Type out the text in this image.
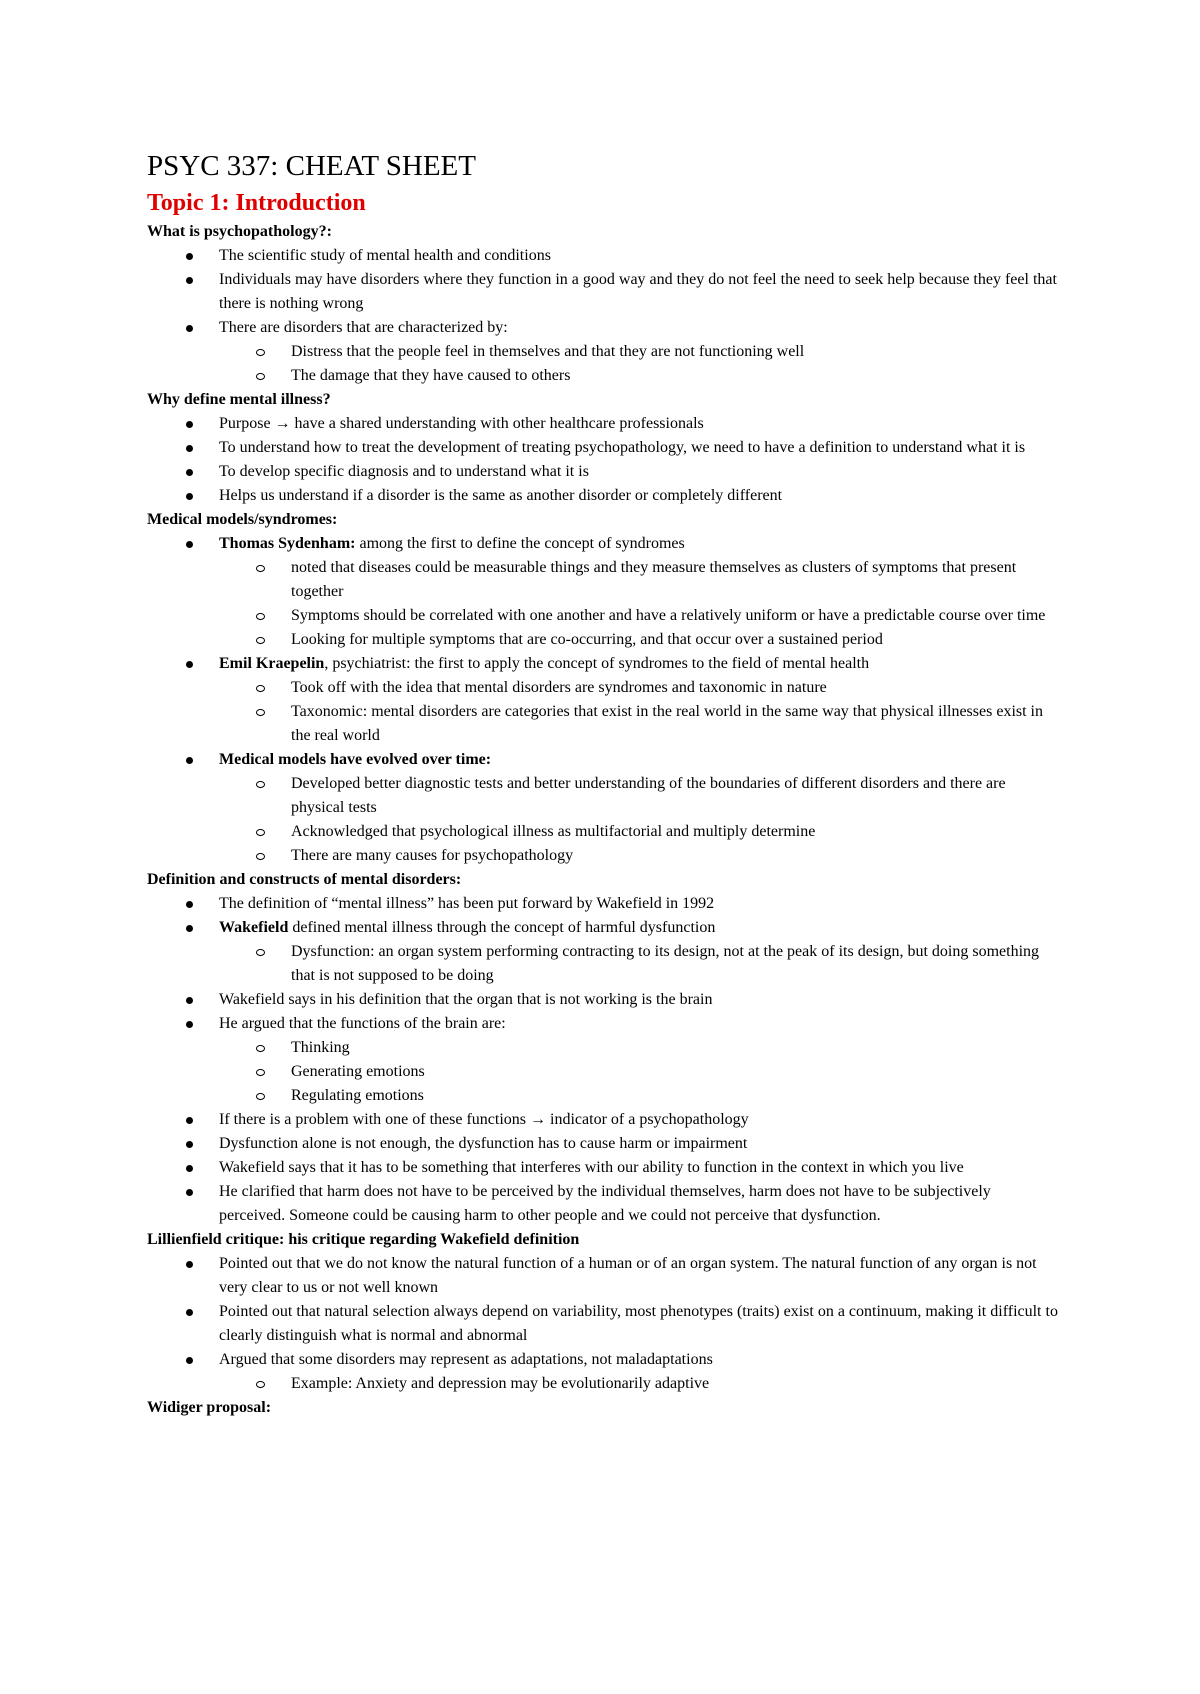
PSYC 337: CHEAT SHEET
Topic 1: Introduction

What is psychopathology?:

The scientific study of mental health and conditions
Individuals may have disorders where they function in a good way and they do not feel the need to seek help because they feel that there is nothing wrong
There are disorders that are characterized by:
Distress that the people feel in themselves and that they are not functioning well
The damage that they have caused to others

Why define mental illness?

Purpose → have a shared understanding with other healthcare professionals
To understand how to treat the development of treating psychopathology, we need to have a definition to understand what it is
To develop specific diagnosis and to understand what it is
Helps us understand if a disorder is the same as another disorder or completely different

Medical models/syndromes:

Thomas Sydenham: among the first to define the concept of syndromes
noted that diseases could be measurable things and they measure themselves as clusters of symptoms that present together
Symptoms should be correlated with one another and have a relatively uniform or have a predictable course over time
Looking for multiple symptoms that are co-occurring, and that occur over a sustained period
Emil Kraepelin, psychiatrist: the first to apply the concept of syndromes to the field of mental health
Took off with the idea that mental disorders are syndromes and taxonomic in nature
Taxonomic: mental disorders are categories that exist in the real world in the same way that physical illnesses exist in the real world
Medical models have evolved over time:
Developed better diagnostic tests and better understanding of the boundaries of different disorders and there are physical tests
Acknowledged that psychological illness as multifactorial and multiply determine
There are many causes for psychopathology

Definition and constructs of mental disorders:

The definition of “mental illness” has been put forward by Wakefield in 1992
Wakefield defined mental illness through the concept of harmful dysfunction
Dysfunction: an organ system performing contracting to its design, not at the peak of its design, but doing something that is not supposed to be doing
Wakefield says in his definition that the organ that is not working is the brain
He argued that the functions of the brain are:
Thinking
Generating emotions
Regulating emotions
If there is a problem with one of these functions → indicator of a psychopathology
Dysfunction alone is not enough, the dysfunction has to cause harm or impairment
Wakefield says that it has to be something that interferes with our ability to function in the context in which you live
He clarified that harm does not have to be perceived by the individual themselves, harm does not have to be subjectively perceived. Someone could be causing harm to other people and we could not perceive that dysfunction.

Lillienfield critique: his critique regarding Wakefield definition

Pointed out that we do not know the natural function of a human or of an organ system. The natural function of any organ is not very clear to us or not well known
Pointed out that natural selection always depend on variability, most phenotypes (traits) exist on a continuum, making it difficult to clearly distinguish what is normal and abnormal
Argued that some disorders may represent as adaptations, not maladaptations
Example: Anxiety and depression may be evolutionarily adaptive

Widiger proposal:
